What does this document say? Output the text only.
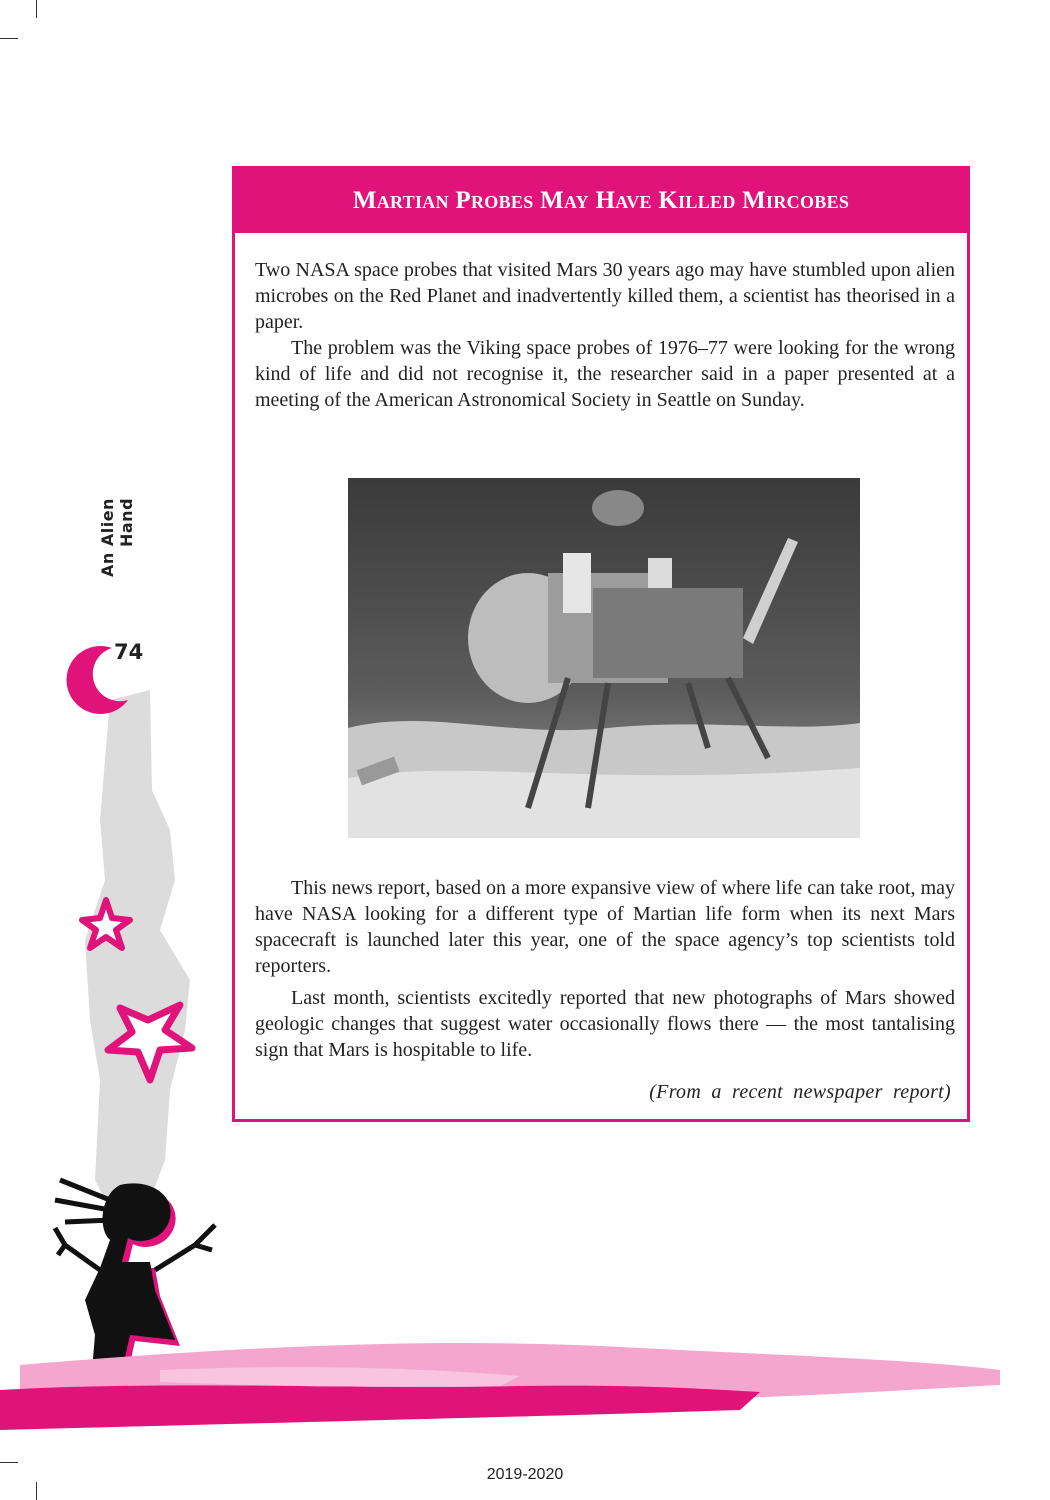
An Alien Hand
74
Martian Probes May Have Killed Mircobes

Two NASA space probes that visited Mars 30 years ago may have stumbled upon alien microbes on the Red Planet and inadvertently killed them, a scientist has theorised in a paper.

The problem was the Viking space probes of 1976–77 were looking for the wrong kind of life and did not recognise it, the researcher said in a paper presented at a meeting of the American Astronomical Society in Seattle on Sunday.

This news report, based on a more expansive view of where life can take root, may have NASA looking for a different type of Martian life form when its next Mars spacecraft is launched later this year, one of the space agency’s top scientists told reporters.

Last month, scientists excitedly reported that new photographs of Mars showed geologic changes that suggest water occasionally flows there — the most tantalising sign that Mars is hospitable to life.

(From a recent newspaper report)
2019-2020
